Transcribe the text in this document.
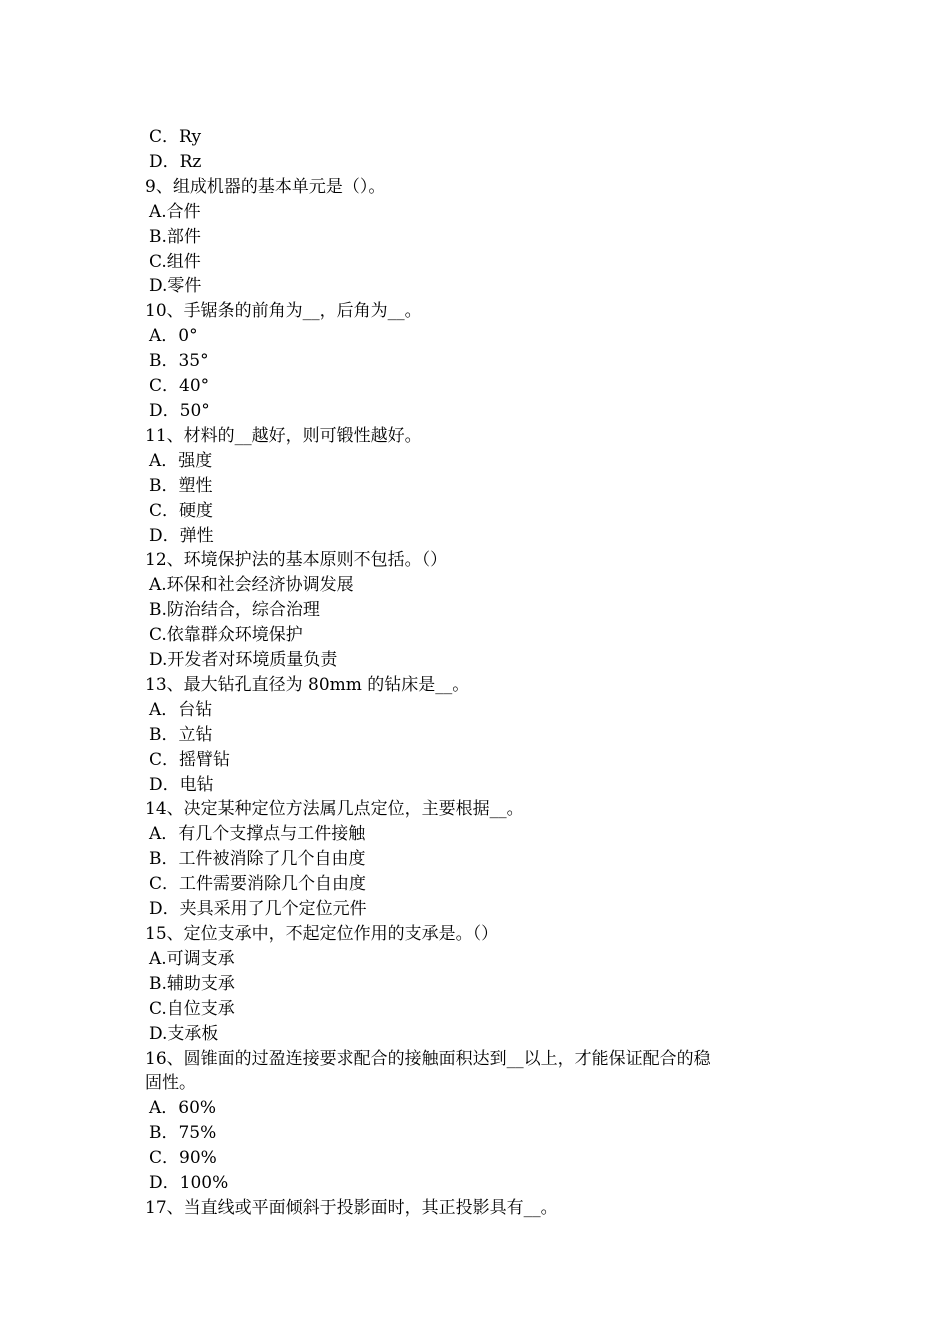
C．Ry
D．Rz
9、组成机器的基本单元是（）。
A.合件
B.部件
C.组件
D.零件
10、手锯条的前角为__，后角为__。
A．0°
B．35°
C．40°
D．50°
11、材料的__越好，则可锻性越好。
A．强度
B．塑性
C．硬度
D．弹性
12、环境保护法的基本原则不包括。（）
A.环保和社会经济协调发展
B.防治结合，综合治理
C.依靠群众环境保护
D.开发者对环境质量负责
13、最大钻孔直径为 80mm 的钻床是__。
A．台钻
B．立钻
C．摇臂钻
D．电钻
14、决定某种定位方法属几点定位，主要根据__。
A．有几个支撑点与工件接触
B．工件被消除了几个自由度
C．工件需要消除几个自由度
D．夹具采用了几个定位元件
15、定位支承中，不起定位作用的支承是。（）
A.可调支承
B.辅助支承
C.自位支承
D.支承板
16、圆锥面的过盈连接要求配合的接触面积达到__以上，才能保证配合的稳
固性。
A．60%
B．75%
C．90%
D．100%
17、当直线或平面倾斜于投影面时，其正投影具有__。
